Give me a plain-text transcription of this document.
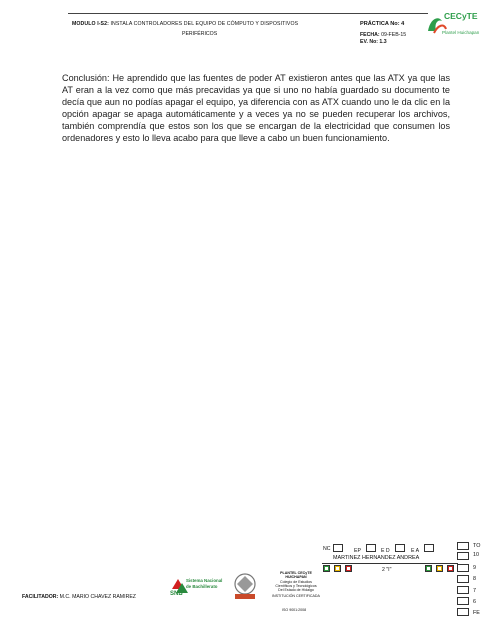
MODULO I-S2: INSTALA CONTROLADORES DEL EQUIPO DE CÓMPUTO Y DISPOSITIVOS	PRÁCTICA No: 4
PERIFÉRICOS	FECHA: 09-FEB-15
EV. No: 1.3
CECyTE
Plantel Huichapan
Conclusión: He aprendido que las fuentes de poder AT existieron antes que las ATX ya que las AT eran a la vez como que más precavidas ya que si uno no había guardado su documento te decía que aun no podías apagar el equipo, ya diferencia con as ATX cuando uno le da clic en la opción apagar se apaga automáticamente y a veces ya no se pueden recuperar los archivos, también comprendía que estos son los que se encargan de la electricidad que consumen los ordenadores y esto lo lleva acabo para que lleve a cabo un buen funcionamiento.
NC	EP	E D	E A
MARTINEZ HERNANDEZ ANDREA
2 "I"
TO
10
9
8
7
6
FE
Sistema Nacional
de Bachillerato
SNB
PLANTEL CECyTE
HUICHAPAN
Colegio de Estudios
Científicos y Tecnológicos
Del Estado de Hidalgo
INSTITUCIÓN CERTIFICADA
ISO 9001:2008
FACILITADOR: M.C. MARIO CHAVEZ RAMIREZ
